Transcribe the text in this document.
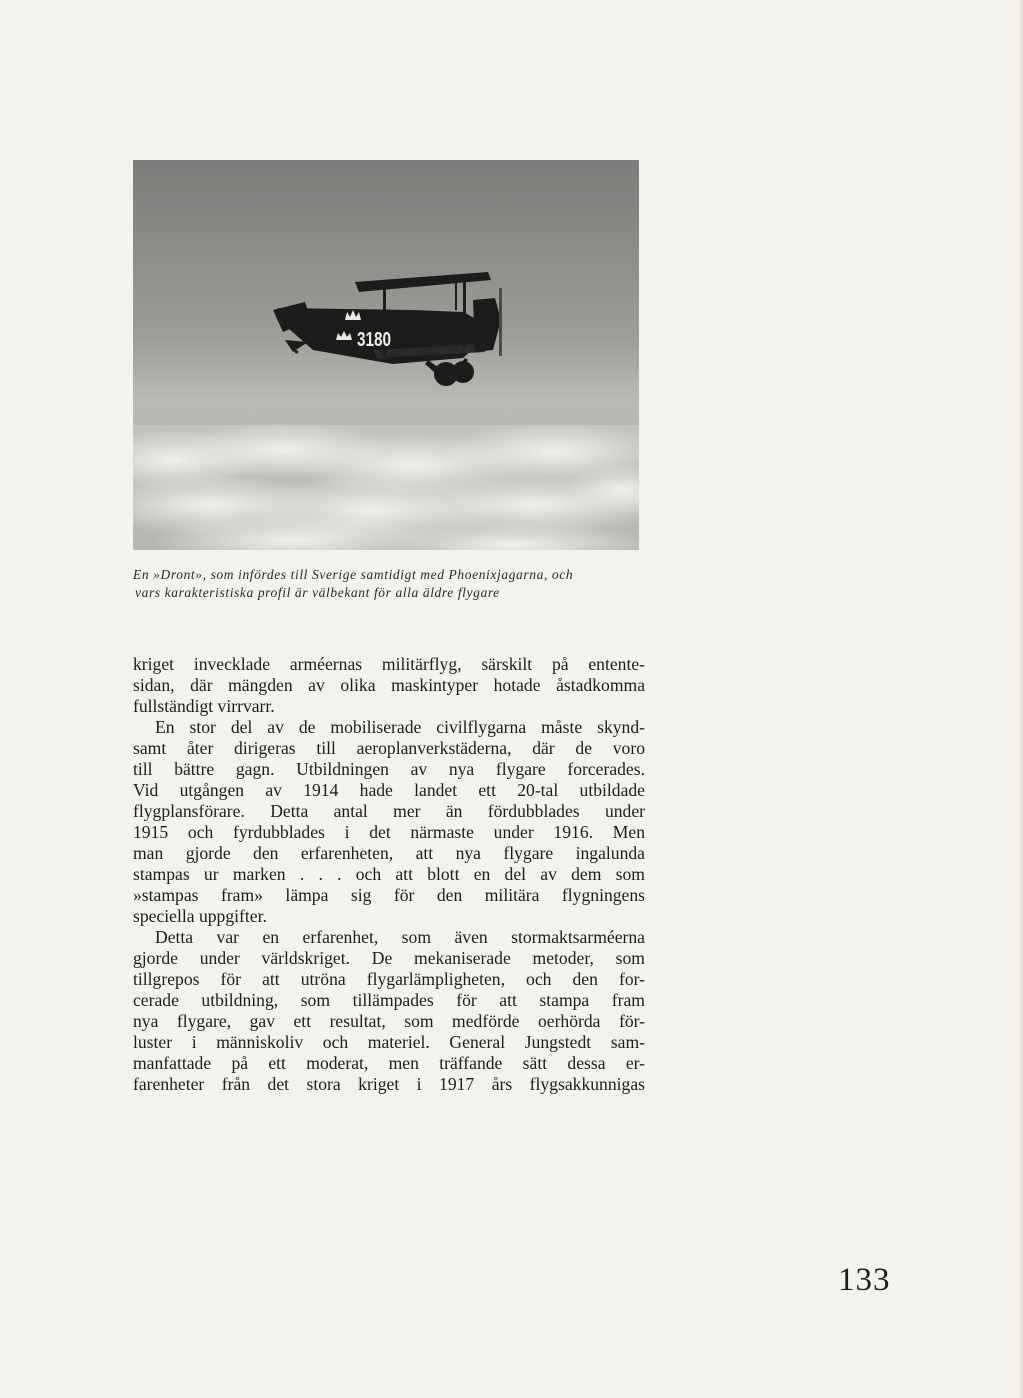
3180

En »Dront», som infördes till Sverige samtidigt med Phoenixjagarna, och

vars karakteristiska profil är välbekant för alla äldre flygare

kriget invecklade arméernas militärflyg, särskilt på entente-
sidan, där mängden av olika maskintyper hotade åstadkomma
fullständigt virrvarr.
En stor del av de mobiliserade civilflygarna måste skynd-
samt åter dirigeras till aeroplanverkstäderna, där de voro
till bättre gagn. Utbildningen av nya flygare forcerades.
Vid utgången av 1914 hade landet ett 20-tal utbildade
flygplansförare. Detta antal mer än fördubblades under
1915 och fyrdubblades i det närmaste under 1916. Men
man gjorde den erfarenheten, att nya flygare ingalunda
stampas ur marken . . . och att blott en del av dem som
»stampas fram» lämpa sig för den militära flygningens
speciella uppgifter.
Detta var en erfarenhet, som även stormaktsarméerna
gjorde under världskriget. De mekaniserade metoder, som
tillgrepos för att utröna flygarlämpligheten, och den for-
cerade utbildning, som tillämpades för att stampa fram
nya flygare, gav ett resultat, som medförde oerhörda för-
luster i människoliv och materiel. General Jungstedt sam-
manfattade på ett moderat, men träffande sätt dessa er-
farenheter från det stora kriget i 1917 års flygsakkunnigas
133
